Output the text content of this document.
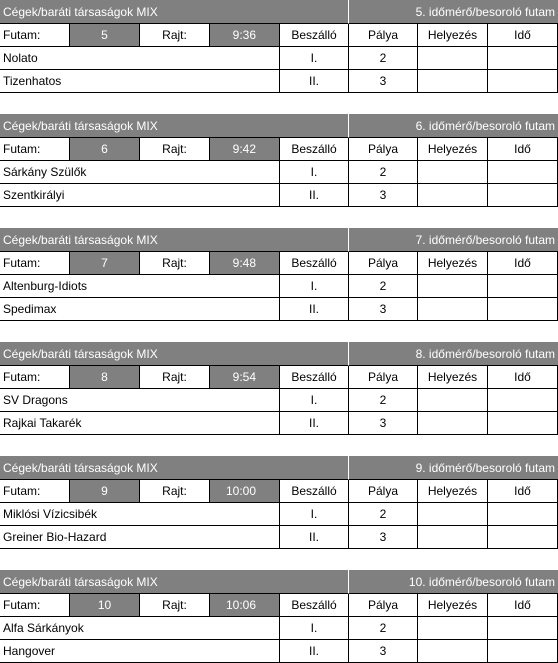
Cégek/baráti társaságok MIX	5. időmérő/besoroló futam
Futam:	5	Rajt:	9:36	Beszálló	Pálya	Helyezés	Idő
Nolato	I.	2
Tizenhatos	II.	3
Cégek/baráti társaságok MIX	6. időmérő/besoroló futam
Futam:	6	Rajt:	9:42	Beszálló	Pálya	Helyezés	Idő
Sárkány Szülők	I.	2
Szentkirályi	II.	3
Cégek/baráti társaságok MIX	7. időmérő/besoroló futam
Futam:	7	Rajt:	9:48	Beszálló	Pálya	Helyezés	Idő
Altenburg-Idiots	I.	2
Spedimax	II.	3
Cégek/baráti társaságok MIX	8. időmérő/besoroló futam
Futam:	8	Rajt:	9:54	Beszálló	Pálya	Helyezés	Idő
SV Dragons	I.	2
Rajkai Takarék	II.	3
Cégek/baráti társaságok MIX	9. időmérő/besoroló futam
Futam:	9	Rajt:	10:00	Beszálló	Pálya	Helyezés	Idő
Miklósi Vízicsibék	I.	2
Greiner Bio-Hazard	II.	3
Cégek/baráti társaságok MIX	10. időmérő/besoroló futam
Futam:	10	Rajt:	10:06	Beszálló	Pálya	Helyezés	Idő
Alfa Sárkányok	I.	2
Hangover	II.	3
